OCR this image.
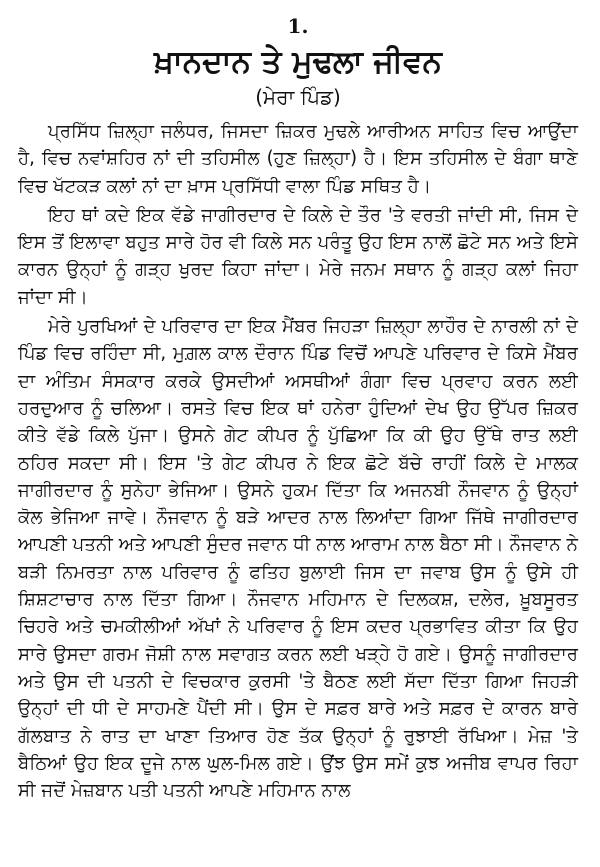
1.
ਖ਼ਾਨਦਾਨ ਤੇ ਮੁਢਲਾ ਜੀਵਨ
(ਮੇਰਾ ਪਿੰਡ)

ਪ੍ਰਸਿੱਧ ਜ਼ਿਲ੍ਹਾ ਜਲੰਧਰ, ਜਿਸਦਾ ਜ਼ਿਕਰ ਮੁਢਲੇ ਆਰੀਅਨ ਸਾਹਿਤ ਵਿਚ ਆਉਂਦਾ ਹੈ, ਵਿਚ ਨਵਾਂਸ਼ਹਿਰ ਨਾਂ ਦੀ ਤਹਿਸੀਲ (ਹੁਣ ਜ਼ਿਲ੍ਹਾ) ਹੈ। ਇਸ ਤਹਿਸੀਲ ਦੇ ਬੰਗਾ ਥਾਣੇ ਵਿਚ ਖੱਟਕੜ ਕਲਾਂ ਨਾਂ ਦਾ ਖ਼ਾਸ ਪ੍ਰਸਿੱਧੀ ਵਾਲਾ ਪਿੰਡ ਸਥਿਤ ਹੈ।

ਇਹ ਥਾਂ ਕਦੇ ਇਕ ਵੱਡੇ ਜਾਗੀਰਦਾਰ ਦੇ ਕਿਲੇ ਦੇ ਤੌਰ 'ਤੇ ਵਰਤੀ ਜਾਂਦੀ ਸੀ, ਜਿਸ ਦੇ ਇਸ ਤੋਂ ਇਲਾਵਾ ਬਹੁਤ ਸਾਰੇ ਹੋਰ ਵੀ ਕਿਲੇ ਸਨ ਪਰੰਤੂ ਉਹ ਇਸ ਨਾਲੋਂ ਛੋਟੇ ਸਨ ਅਤੇ ਇਸੇ ਕਾਰਨ ਉਨ੍ਹਾਂ ਨੂੰ ਗੜ੍ਹ ਖੁਰਦ ਕਿਹਾ ਜਾਂਦਾ। ਮੇਰੇ ਜਨਮ ਸਥਾਨ ਨੂੰ ਗੜ੍ਹ ਕਲਾਂ ਜਿਹਾ ਜਾਂਦਾ ਸੀ।

ਮੇਰੇ ਪੁਰਖਿਆਂ ਦੇ ਪਰਿਵਾਰ ਦਾ ਇਕ ਮੈਂਬਰ ਜਿਹੜਾ ਜ਼ਿਲ੍ਹਾ ਲਾਹੌਰ ਦੇ ਨਾਰਲੀ ਨਾਂ ਦੇ ਪਿੰਡ ਵਿਚ ਰਹਿੰਦਾ ਸੀ, ਮੁਗ਼ਲ ਕਾਲ ਦੌਰਾਨ ਪਿੰਡ ਵਿਚੋਂ ਆਪਣੇ ਪਰਿਵਾਰ ਦੇ ਕਿਸੇ ਮੈਂਬਰ ਦਾ ਅੰਤਿਮ ਸੰਸਕਾਰ ਕਰਕੇ ਉਸਦੀਆਂ ਅਸਥੀਆਂ ਗੰਗਾ ਵਿਚ ਪ੍ਰਵਾਹ ਕਰਨ ਲਈ ਹਰਦੁਆਰ ਨੂੰ ਚਲਿਆ। ਰਸਤੇ ਵਿਚ ਇਕ ਥਾਂ ਹਨੇਰਾ ਹੁੰਦਿਆਂ ਦੇਖ ਉਹ ਉੱਪਰ ਜ਼ਿਕਰ ਕੀਤੇ ਵੱਡੇ ਕਿਲੇ ਪੁੱਜਾ। ਉਸਨੇ ਗੇਟ ਕੀਪਰ ਨੂੰ ਪੁੱਛਿਆ ਕਿ ਕੀ ਉਹ ਉੱਥੇ ਰਾਤ ਲਈ ਠਹਿਰ ਸਕਦਾ ਸੀ। ਇਸ 'ਤੇ ਗੇਟ ਕੀਪਰ ਨੇ ਇਕ ਛੋਟੇ ਬੱਚੇ ਰਾਹੀਂ ਕਿਲੇ ਦੇ ਮਾਲਕ ਜਾਗੀਰਦਾਰ ਨੂੰ ਸੁਨੇਹਾ ਭੇਜਿਆ। ਉਸਨੇ ਹੁਕਮ ਦਿੱਤਾ ਕਿ ਅਜਨਬੀ ਨੌਜਵਾਨ ਨੂੰ ਉਨ੍ਹਾਂ ਕੋਲ ਭੇਜਿਆ ਜਾਵੇ। ਨੌਜਵਾਨ ਨੂੰ ਬੜੇ ਆਦਰ ਨਾਲ ਲਿਆਂਦਾ ਗਿਆ ਜਿੱਥੇ ਜਾਗੀਰਦਾਰ ਆਪਣੀ ਪਤਨੀ ਅਤੇ ਆਪਣੀ ਸੁੰਦਰ ਜਵਾਨ ਧੀ ਨਾਲ ਆਰਾਮ ਨਾਲ ਬੈਠਾ ਸੀ। ਨੌਜਵਾਨ ਨੇ ਬੜੀ ਨਿਮਰਤਾ ਨਾਲ ਪਰਿਵਾਰ ਨੂੰ ਫਤਿਹ ਬੁਲਾਈ ਜਿਸ ਦਾ ਜਵਾਬ ਉਸ ਨੂੰ ਉਸੇ ਹੀ ਸ਼ਿਸ਼ਟਾਚਾਰ ਨਾਲ ਦਿੱਤਾ ਗਿਆ। ਨੌਜਵਾਨ ਮਹਿਮਾਨ ਦੇ ਦਿਲਕਸ਼, ਦਲੇਰ, ਖ਼ੂਬਸੂਰਤ ਚਿਹਰੇ ਅਤੇ ਚਮਕੀਲੀਆਂ ਅੱਖਾਂ ਨੇ ਪਰਿਵਾਰ ਨੂੰ ਇਸ ਕਦਰ ਪ੍ਰਭਾਵਿਤ ਕੀਤਾ ਕਿ ਉਹ ਸਾਰੇ ਉਸਦਾ ਗਰਮ ਜੋਸ਼ੀ ਨਾਲ ਸਵਾਗਤ ਕਰਨ ਲਈ ਖੜ੍ਹੇ ਹੋ ਗਏ। ਉਸਨੂੰ ਜਾਗੀਰਦਾਰ ਅਤੇ ਉਸ ਦੀ ਪਤਨੀ ਦੇ ਵਿਚਕਾਰ ਕੁਰਸੀ 'ਤੇ ਬੈਠਣ ਲਈ ਸੱਦਾ ਦਿੱਤਾ ਗਿਆ ਜਿਹੜੀ ਉਨ੍ਹਾਂ ਦੀ ਧੀ ਦੇ ਸਾਹਮਣੇ ਪੈਂਦੀ ਸੀ। ਉਸ ਦੇ ਸਫ਼ਰ ਬਾਰੇ ਅਤੇ ਸਫ਼ਰ ਦੇ ਕਾਰਨ ਬਾਰੇ ਗੱਲਬਾਤ ਨੇ ਰਾਤ ਦਾ ਖਾਣਾ ਤਿਆਰ ਹੋਣ ਤੱਕ ਉਨ੍ਹਾਂ ਨੂੰ ਰੁਝਾਈ ਰੱਖਿਆ। ਮੇਜ਼ 'ਤੇ ਬੈਠਿਆਂ ਉਹ ਇਕ ਦੂਜੇ ਨਾਲ ਘੁਲ-ਮਿਲ ਗਏ। ਉਂਝ ਉਸ ਸਮੇਂ ਕੁਝ ਅਜੀਬ ਵਾਪਰ ਰਿਹਾ ਸੀ ਜਦੋਂ ਮੇਜ਼ਬਾਨ ਪਤੀ ਪਤਨੀ ਆਪਣੇ ਮਹਿਮਾਨ ਨਾਲ
